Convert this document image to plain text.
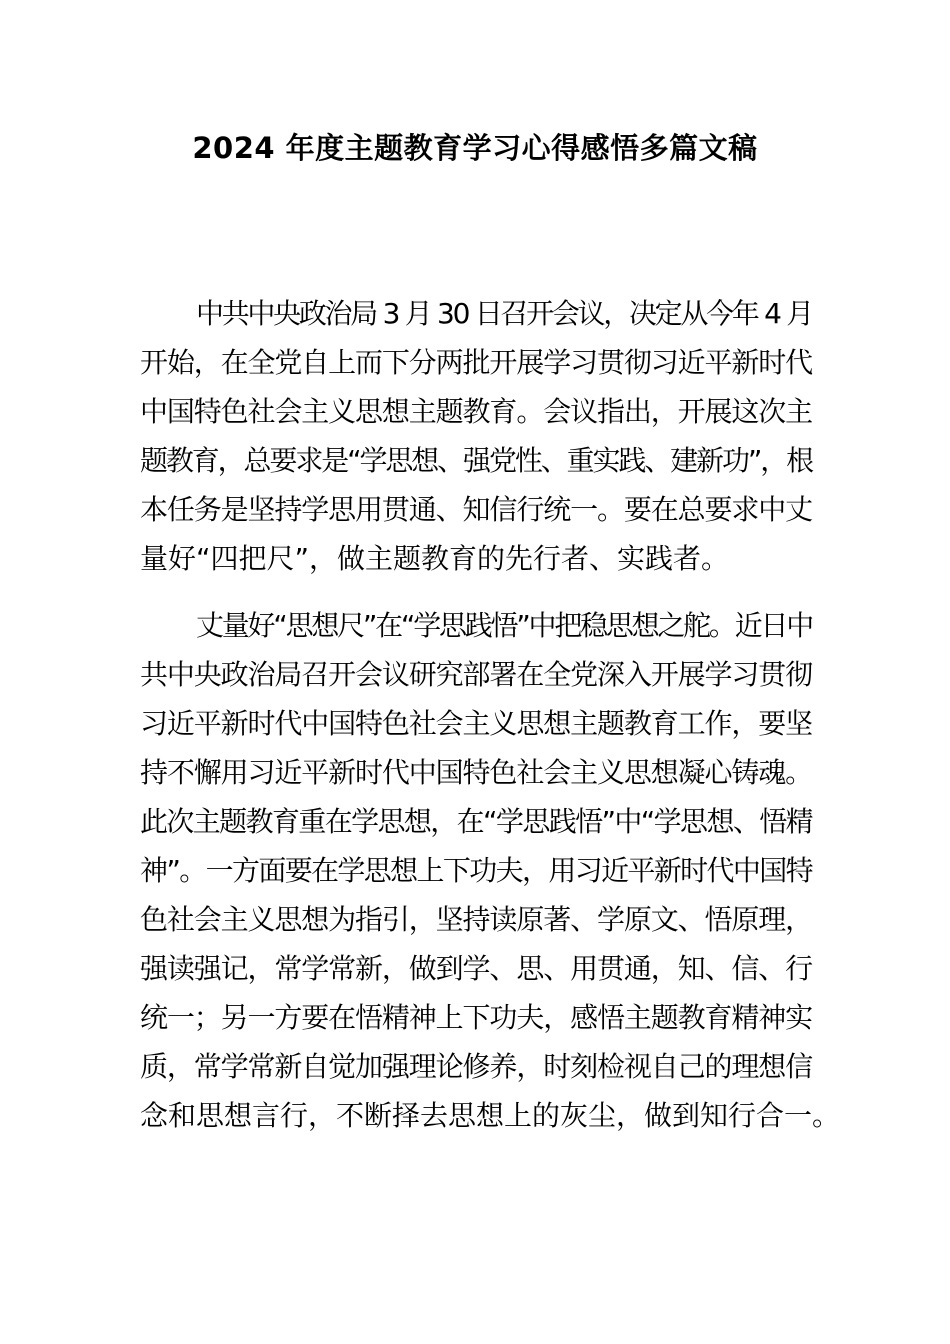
2024 年度主题教育学习心得感悟多篇文稿
中共中央政治局 3 月 30 日召开会议，决定从今年 4 月
开始，在全党自上而下分两批开展学习贯彻习近平新时代
中国特色社会主义思想主题教育。会议指出，开展这次主
题教育，总要求是“学思想、强党性、重实践、建新功”，根
本任务是坚持学思用贯通、知信行统一。要在总要求中丈
量好“四把尺”，做主题教育的先行者、实践者。
丈量好“思想尺”在“学思践悟”中把稳思想之舵。近日中
共中央政治局召开会议研究部署在全党深入开展学习贯彻
习近平新时代中国特色社会主义思想主题教育工作，要坚
持不懈用习近平新时代中国特色社会主义思想凝心铸魂。
此次主题教育重在学思想，在“学思践悟”中“学思想、悟精
神”。一方面要在学思想上下功夫，用习近平新时代中国特
色社会主义思想为指引，坚持读原著、学原文、悟原理，
强读强记，常学常新，做到学、思、用贯通，知、信、行
统一；另一方要在悟精神上下功夫，感悟主题教育精神实
质，常学常新自觉加强理论修养，时刻检视自己的理想信
念和思想言行，不断择去思想上的灰尘，做到知行合一。
